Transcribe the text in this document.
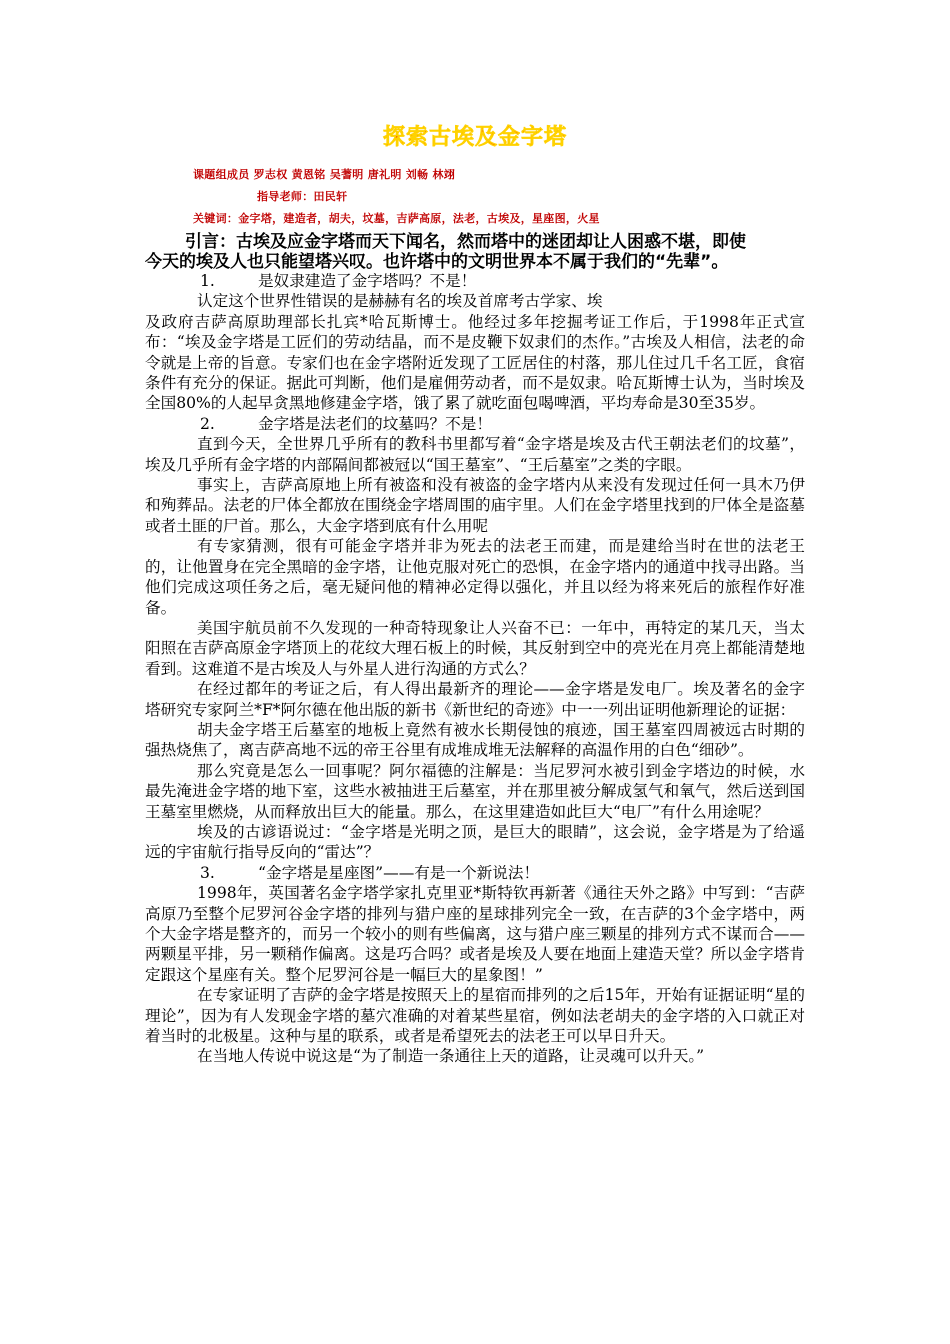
探索古埃及金字塔
课题组成员 罗志权 黄恩铭 吴蓍明 唐礼明 刘畅 林翊
指导老师：田民轩
关键词：金字塔，建造者，胡夫，坟墓，吉萨高原，法老，古埃及，星座图，火星
引言：古埃及应金字塔而天下闻名，然而塔中的迷团却让人困惑不堪，即使
今天的埃及人也只能望塔兴叹。也许塔中的文明世界本不属于我们的“先辈”。

1.	是奴隶建造了金字塔吗？不是！

认定这个世界性错误的是赫赫有名的埃及首席考古学家、埃

及政府吉萨高原助理部长扎宾*哈瓦斯博士。他经过多年挖掘考证工作后，于1998年正式宣布：“埃及金字塔是工匠们的劳动结晶，而不是皮鞭下奴隶们的杰作。”古埃及人相信，法老的命令就是上帝的旨意。专家们也在金字塔附近发现了工匠居住的村落，那儿住过几千名工匠，食宿条件有充分的保证。据此可判断，他们是雇佣劳动者，而不是奴隶。哈瓦斯博士认为，当时埃及全国80%的人起早贪黑地修建金字塔，饿了累了就吃面包喝啤酒，平均寿命是30至35岁。

2.	金字塔是法老们的坟墓吗？不是！

直到今天，全世界几乎所有的教科书里都写着“金字塔是埃及古代王朝法老们的坟墓”，埃及几乎所有金字塔的内部隔间都被冠以“国王墓室”、“王后墓室”之类的字眼。

事实上，吉萨高原地上所有被盗和没有被盗的金字塔内从来没有发现过任何一具木乃伊和殉葬品。法老的尸体全都放在围绕金字塔周围的庙宇里。人们在金字塔里找到的尸体全是盗墓或者土匪的尸首。那么，大金字塔到底有什么用呢

有专家猜测，很有可能金字塔并非为死去的法老王而建，而是建给当时在世的法老王的，让他置身在完全黑暗的金字塔，让他克服对死亡的恐惧，在金字塔内的通道中找寻出路。当他们完成这项任务之后，毫无疑问他的精神必定得以强化，并且以经为将来死后的旅程作好准备。

美国宇航员前不久发现的一种奇特现象让人兴奋不已：一年中，再特定的某几天，当太阳照在吉萨高原金字塔顶上的花纹大理石板上的时候，其反射到空中的亮光在月亮上都能清楚地看到。这难道不是古埃及人与外星人进行沟通的方式么？

在经过都年的考证之后，有人得出最新齐的理论——金字塔是发电厂。埃及著名的金字塔研究专家阿兰*F*阿尔德在他出版的新书《新世纪的奇迹》中一一列出证明他新理论的证据：

胡夫金字塔王后墓室的地板上竟然有被水长期侵蚀的痕迹，国王墓室四周被远古时期的强热烧焦了，离吉萨高地不远的帝王谷里有成堆成堆无法解释的高温作用的白色“细砂”。

那么究竟是怎么一回事呢？阿尔福德的注解是：当尼罗河水被引到金字塔边的时候，水最先淹进金字塔的地下室，这些水被抽进王后墓室，并在那里被分解成氢气和氧气，然后送到国王墓室里燃烧，从而释放出巨大的能量。那么，在这里建造如此巨大“电厂”有什么用途呢？

埃及的古谚语说过：“金字塔是光明之顶，是巨大的眼睛”，这会说，金字塔是为了给遥远的宇宙航行指导反向的“雷达”？

3.	“金字塔是星座图”——有是一个新说法！

1998年，英国著名金字塔学家扎克里亚*斯特钦再新著《通往天外之路》中写到：“吉萨高原乃至整个尼罗河谷金字塔的排列与猎户座的星球排列完全一致，在吉萨的3个金字塔中，两个大金字塔是整齐的，而另一个较小的则有些偏离，这与猎户座三颗星的排列方式不谋而合——两颗星平排，另一颗稍作偏离。这是巧合吗？或者是埃及人要在地面上建造天堂？所以金字塔肯定跟这个星座有关。整个尼罗河谷是一幅巨大的星象图！”

在专家证明了吉萨的金字塔是按照天上的星宿而排列的之后15年，开始有证据证明“星的理论”，因为有人发现金字塔的墓穴准确的对着某些星宿，例如法老胡夫的金字塔的入口就正对着当时的北极星。这种与星的联系，或者是希望死去的法老王可以早日升天。

在当地人传说中说这是“为了制造一条通往上天的道路，让灵魂可以升天。”
